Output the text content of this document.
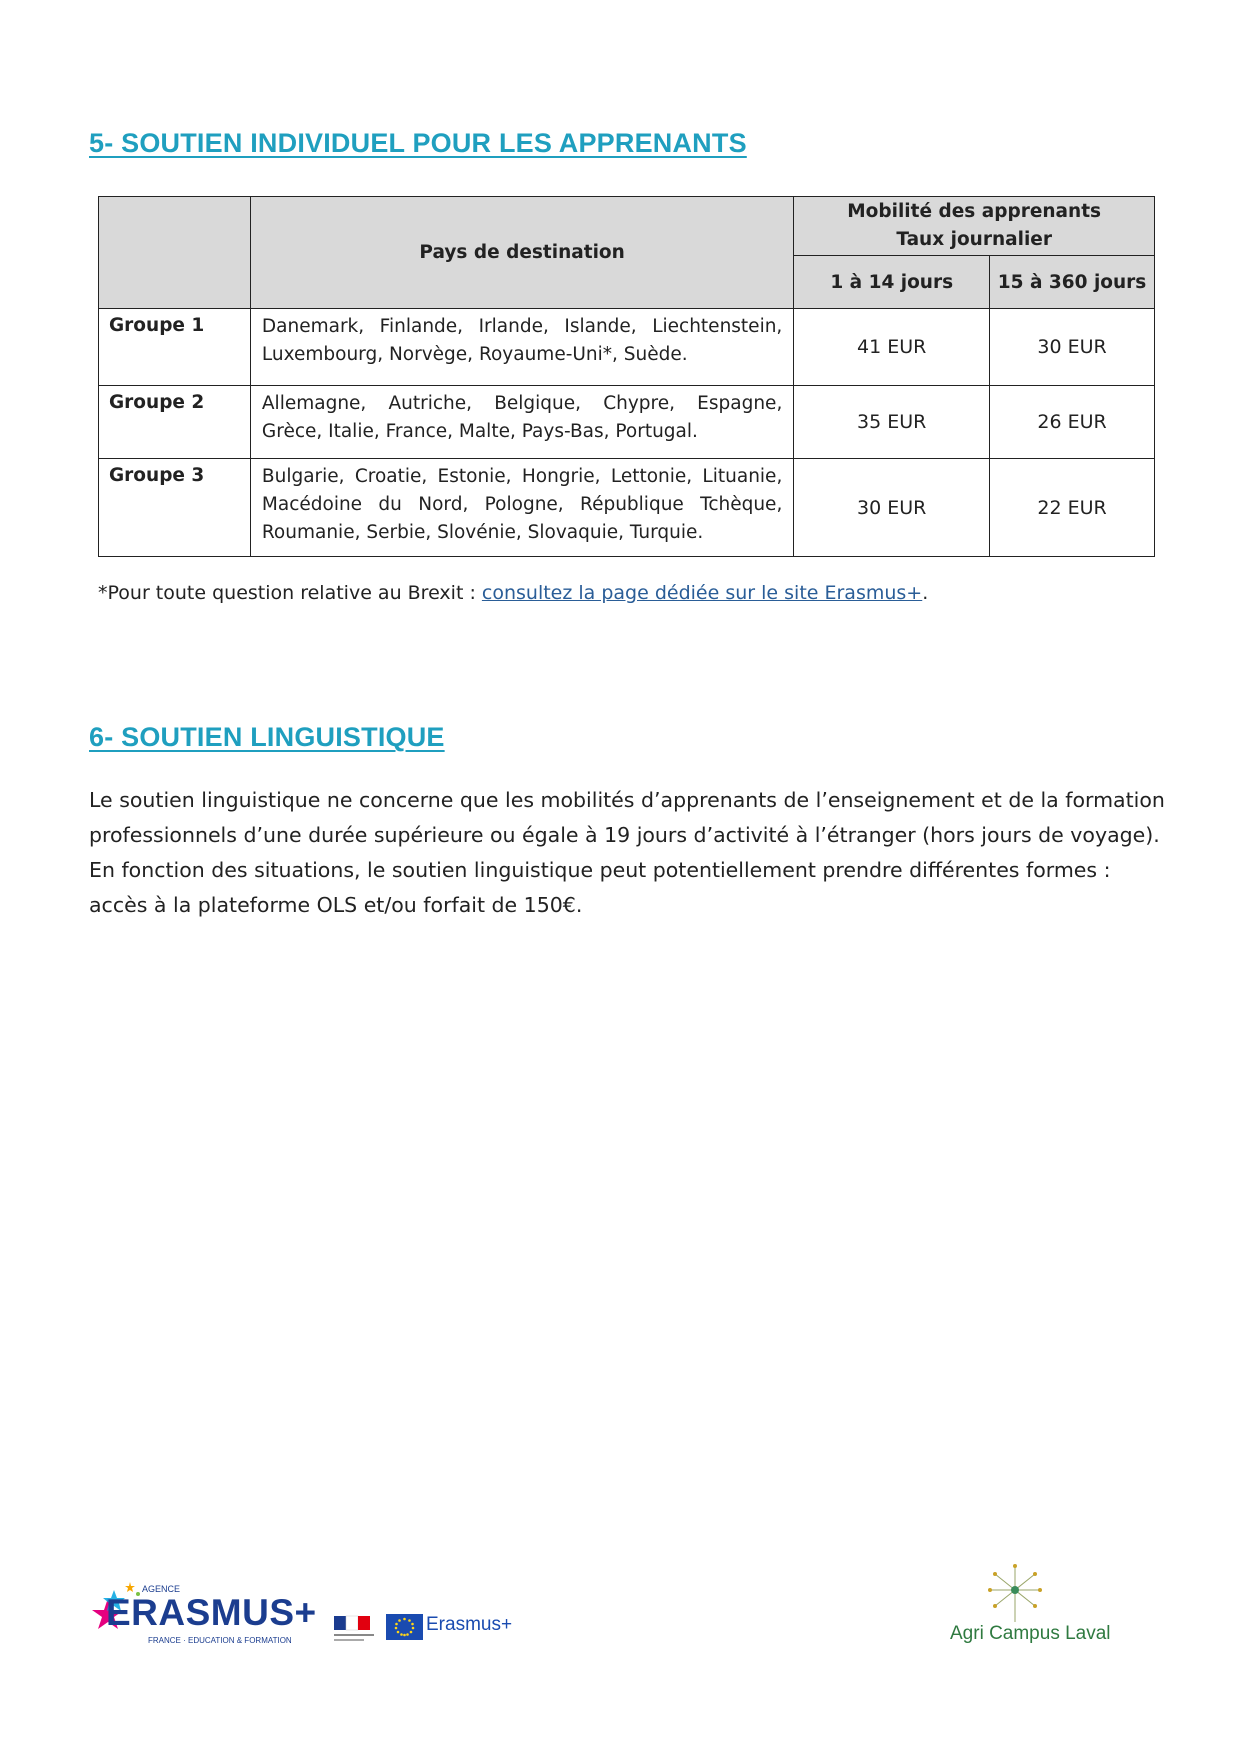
5- SOUTIEN INDIVIDUEL POUR LES APPRENANTS
	Pays de destination	Mobilité des apprenants
Taux journalier	

		1 à 14 jours	15 à 360 jours
Groupe 1	Danemark, Finlande, Irlande, Islande, Liechtenstein, Luxembourg, Norvège, Royaume-Uni*, Suède.	41 EUR	30 EUR
Groupe 2	Allemagne, Autriche, Belgique, Chypre, Espagne, Grèce, Italie, France, Malte, Pays-Bas, Portugal.	35 EUR	26 EUR
Groupe 3	Bulgarie, Croatie, Estonie, Hongrie, Lettonie, Lituanie, Macédoine du Nord, Pologne, République Tchèque, Roumanie, Serbie, Slovénie, Slovaquie, Turquie.	30 EUR	22 EUR
*Pour toute question relative au Brexit : consultez la page dédiée sur le site Erasmus+.
6- SOUTIEN LINGUISTIQUE

Le soutien linguistique ne concerne que les mobilités d’apprenants de l’enseignement et de la formation professionnels d’une durée supérieure ou égale à 19 jours d’activité à l’étranger (hors jours de voyage). En fonction des situations, le soutien linguistique peut potentiellement prendre différentes formes : accès à la plateforme OLS et/ou forfait de 150€.

AGENCE
ERASMUS+
FRANCE · EDUCATION & FORMATION
Erasmus+	Agri Campus Laval
